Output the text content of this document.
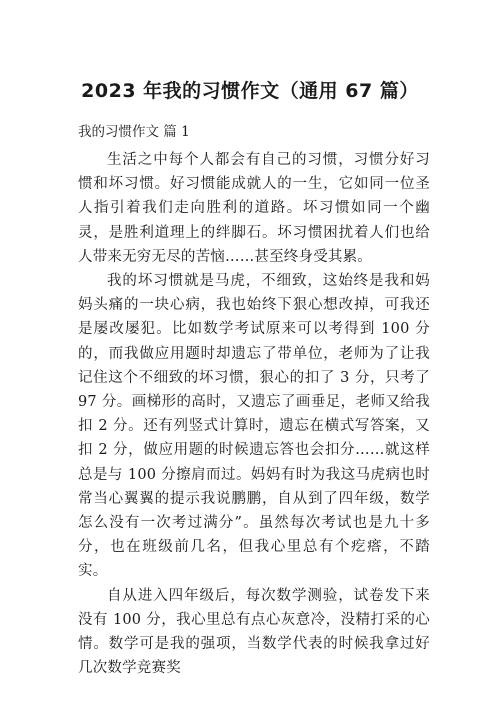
2023 年我的习惯作文（通用 67 篇）
我的习惯作文 篇 1

生活之中每个人都会有自己的习惯，习惯分好习惯和坏习惯。好习惯能成就人的一生，它如同一位圣人指引着我们走向胜利的道路。坏习惯如同一个幽灵，是胜利道理上的绊脚石。坏习惯困扰着人们也给人带来无穷无尽的苦恼……甚至终身受其累。

我的坏习惯就是马虎，不细致，这始终是我和妈妈头痛的一块心病，我也始终下狠心想改掉，可我还是屡改屡犯。比如数学考试原来可以考得到 100 分的，而我做应用题时却遗忘了带单位，老师为了让我记住这个不细致的坏习惯，狠心的扣了 3 分，只考了 97 分。画梯形的高时，又遗忘了画垂足，老师又给我扣 2 分。还有列竖式计算时，遗忘在横式写答案，又扣 2 分，做应用题的时候遗忘答也会扣分……就这样总是与 100 分擦肩而过。妈妈有时为我这马虎病也时常当心翼翼的提示我说鹏鹏，自从到了四年级，数学怎么没有一次考过满分”。虽然每次考试也是九十多分，也在班级前几名，但我心里总有个疙瘩，不踏实。

自从进入四年级后，每次数学测验，试卷发下来没有 100 分，我心里总有点心灰意冷，没精打采的心情。数学可是我的强项，当数学代表的时候我拿过好几次数学竞赛奖
